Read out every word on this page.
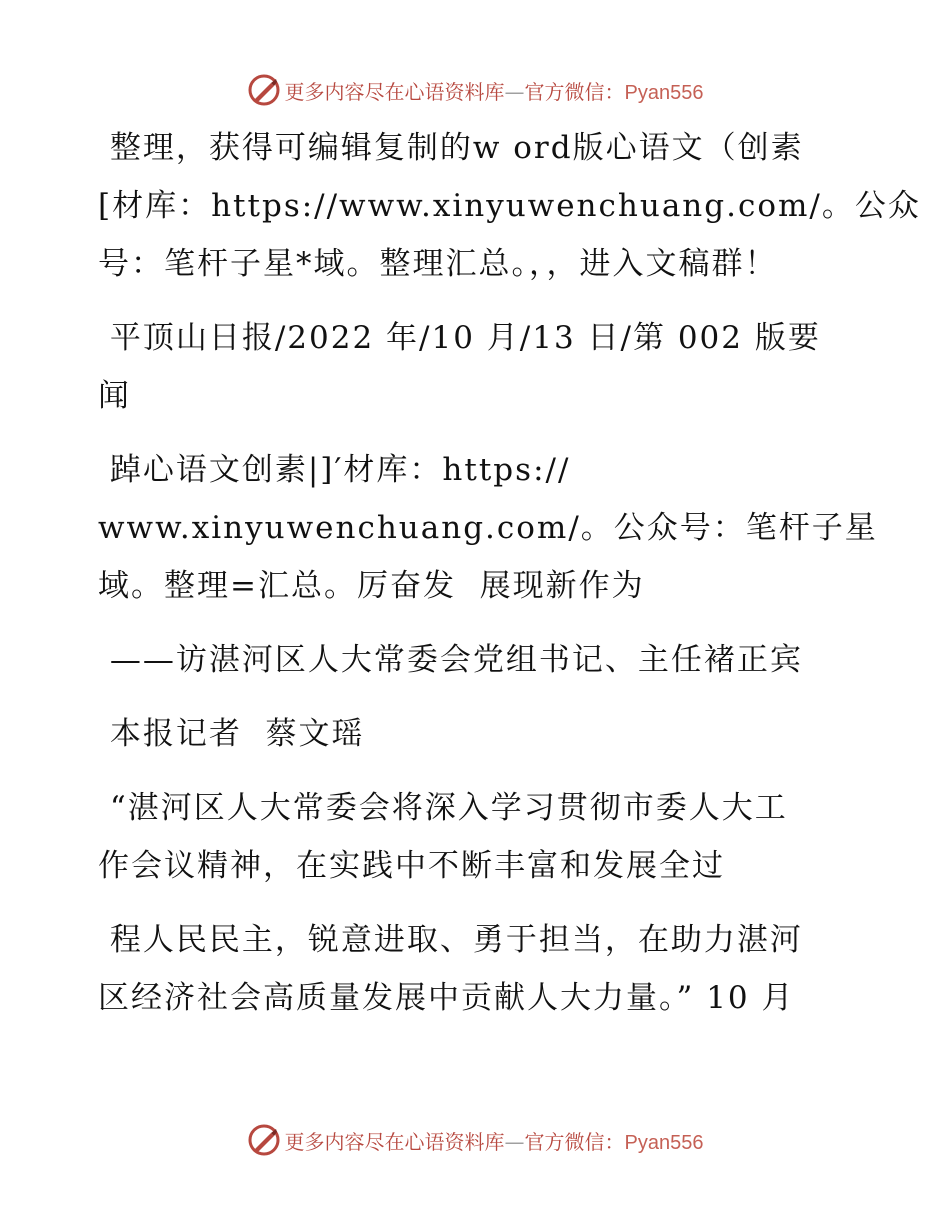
更多内容尽在心语资料库—官方微信：Pyan556
整理，获得可编辑复制的w ord版心语文（创素
[材库：https://www.xinyuwenchuang.com/。公众
号：笔杆子星*域。整理汇总。，，进入文稿群！
平顶山日报/2022 年/10 月/13 日/第 002 版要
闻
踔心语文创素|]′材库：https://
www.xinyuwenchuang.com/。公众号：笔杆子星
域。整理=汇总。厉奋发  展现新作为
——访湛河区人大常委会党组书记、主任褚正宾
本报记者  蔡文瑶
“湛河区人大常委会将深入学习贯彻市委人大工
作会议精神，在实践中不断丰富和发展全过
程人民民主，锐意进取、勇于担当，在助力湛河
区经济社会高质量发展中贡献人大力量。” 10 月
更多内容尽在心语资料库—官方微信：Pyan556
